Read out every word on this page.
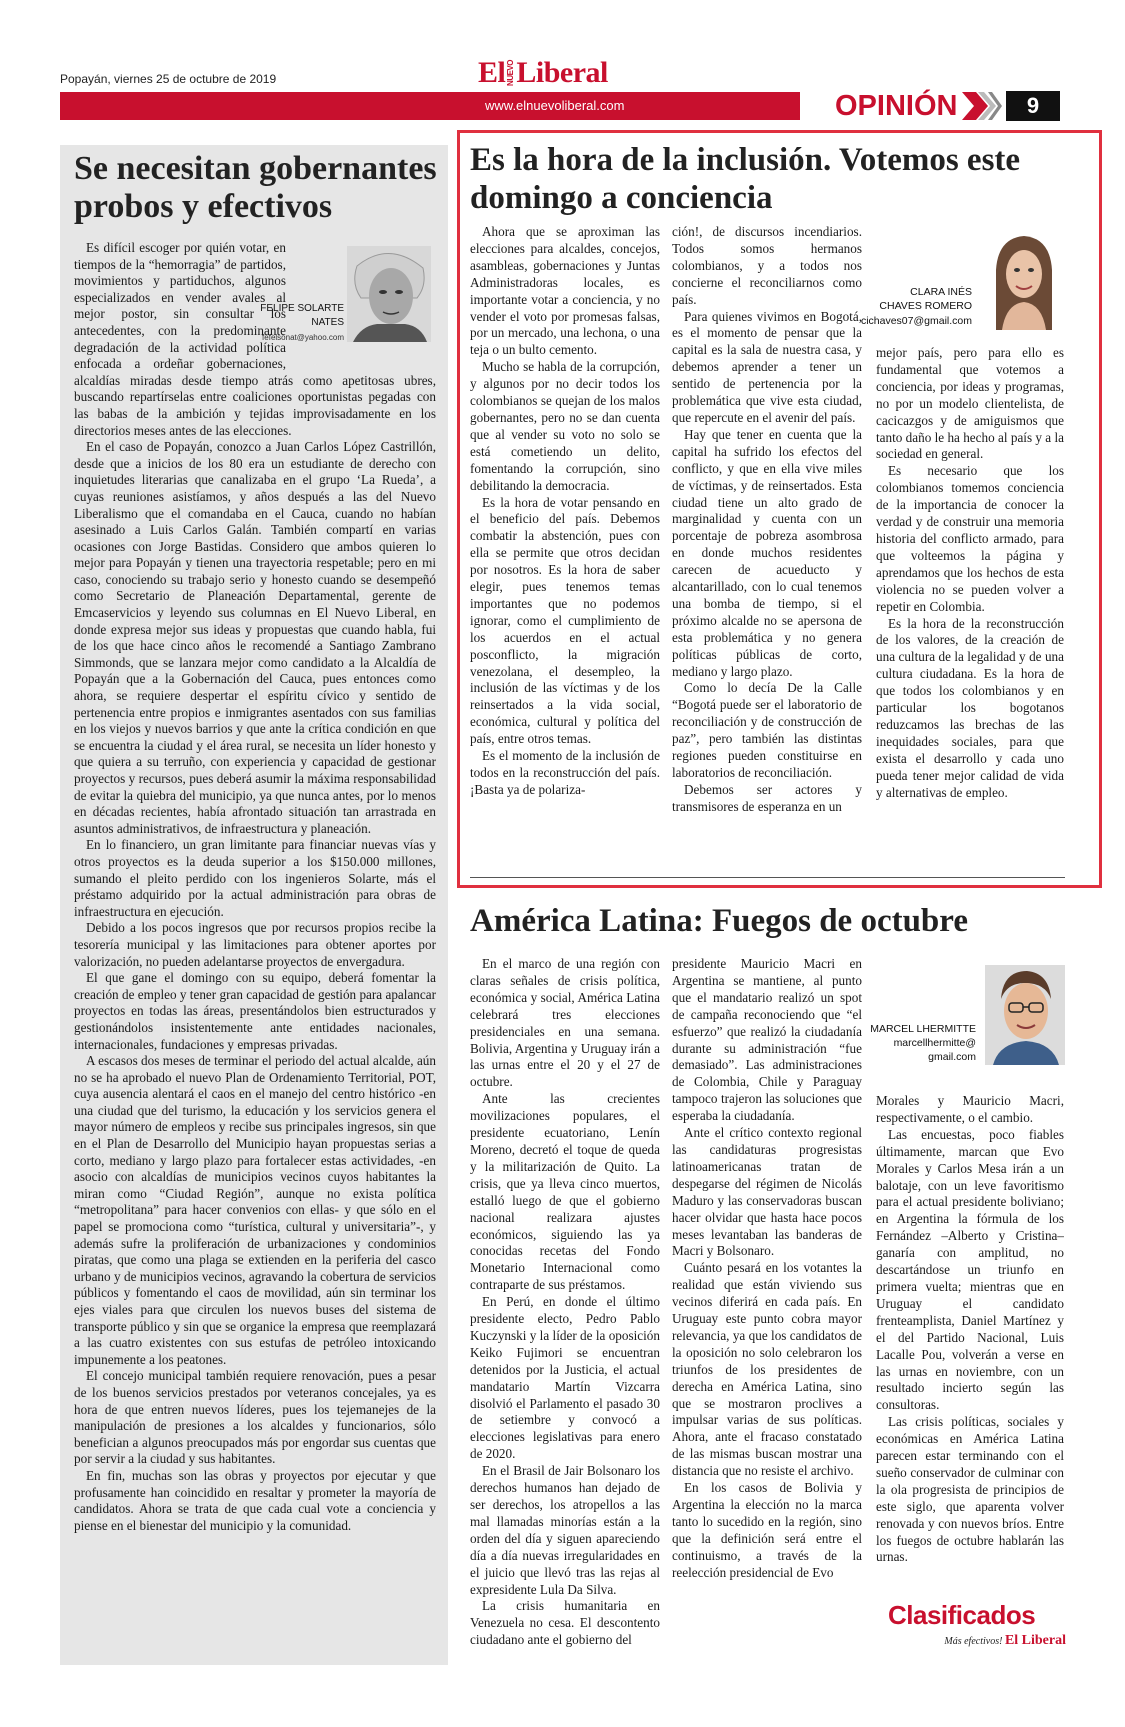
Popayán, viernes 25 de octubre de 2019	ElNUEVOLiberal
www.elnuevoliberal.com	OPINIÓN	9
Se necesitan gobernantes probos y efectivos

Es difícil escoger por quién votar, en tiempos de la “hemorragia” de partidos, movimientos y partiduchos, algunos especializados en vender avales al mejor postor, sin consultar los antecedentes, con la predominante degradación de la actividad política enfocada a ordeñar gobernaciones, alcaldías miradas desde tiempo atrás como apetitosas ubres, buscando repartírselas entre coaliciones oportunistas pegadas con las babas de la ambición y tejidas improvisadamente en los directorios meses antes de las elecciones.

En el caso de Popayán, conozco a Juan Carlos López Castrillón, desde que a inicios de los 80 era un estudiante de derecho con inquietudes literarias que canalizaba en el grupo ‘La Rueda’, a cuyas reuniones asistíamos, y años después a las del Nuevo Liberalismo que el comandaba en el Cauca, cuando no habían asesinado a Luis Carlos Galán. También compartí en varias ocasiones con Jorge Bastidas. Considero que ambos quieren lo mejor para Popayán y tienen una trayectoria respetable; pero en mi caso, conociendo su trabajo serio y honesto cuando se desempeñó como Secretario de Planeación Departamental, gerente de Emcaservicios y leyendo sus columnas en El Nuevo Liberal, en donde expresa mejor sus ideas y propuestas que cuando habla, fui de los que hace cinco años le recomendé a Santiago Zambrano Simmonds, que se lanzara mejor como candidato a la Alcaldía de Popayán que a la Gobernación del Cauca, pues entonces como ahora, se requiere despertar el espíritu cívico y sentido de pertenencia entre propios e inmigrantes asentados con sus familias en los viejos y nuevos barrios y que ante la crítica condición en que se encuentra la ciudad y el área rural, se necesita un líder honesto y que quiera a su terruño, con experiencia y capacidad de gestionar proyectos y recursos, pues deberá asumir la máxima responsabilidad de evitar la quiebra del municipio, ya que nunca antes, por lo menos en décadas recientes, había afrontado situación tan arrastrada en asuntos administrativos, de infraestructura y planeación.

En lo financiero, un gran limitante para financiar nuevas vías y otros proyectos es la deuda superior a los $150.000 millones, sumando el pleito perdido con los ingenieros Solarte, más el préstamo adquirido por la actual administración para obras de infraestructura en ejecución.

Debido a los pocos ingresos que por recursos propios recibe la tesorería municipal y las limitaciones para obtener aportes por valorización, no pueden adelantarse proyectos de envergadura.

El que gane el domingo con su equipo, deberá fomentar la creación de empleo y tener gran capacidad de gestión para apalancar proyectos en todas las áreas, presentándolos bien estructurados y gestionándolos insistentemente ante entidades nacionales, internacionales, fundaciones y empresas privadas.

A escasos dos meses de terminar el periodo del actual alcalde, aún no se ha aprobado el nuevo Plan de Ordenamiento Territorial, POT, cuya ausencia alentará el caos en el manejo del centro histórico -en una ciudad que del turismo, la educación y los servicios genera el mayor número de empleos y recibe sus principales ingresos, sin que en el Plan de Desarrollo del Municipio hayan propuestas serias a corto, mediano y largo plazo para fortalecer estas actividades, -en asocio con alcaldías de municipios vecinos cuyos habitantes la miran como “Ciudad Región”, aunque no exista política “metropolitana” para hacer convenios con ellas- y que sólo en el papel se promociona como “turística, cultural y universitaria”-, y además sufre la proliferación de urbanizaciones y condominios piratas, que como una plaga se extienden en la periferia del casco urbano y de municipios vecinos, agravando la cobertura de servicios públicos y fomentando el caos de movilidad, aún sin terminar los ejes viales para que circulen los nuevos buses del sistema de transporte público y sin que se organice la empresa que reemplazará a las cuatro existentes con sus estufas de petróleo intoxicando impunemente a los peatones.

El concejo municipal también requiere renovación, pues a pesar de los buenos servicios prestados por veteranos concejales, ya es hora de que entren nuevos líderes, pues los tejemanejes de la manipulación de presiones a los alcaldes y funcionarios, sólo benefician a algunos preocupados más por engordar sus cuentas que por servir a la ciudad y sus habitantes.

En fin, muchas son las obras y proyectos por ejecutar y que profusamente han coincidido en resaltar y prometer la mayoría de candidatos. Ahora se trata de que cada cual vote a conciencia y piense en el bienestar del municipio y la comunidad.

FELIPE SOLARTE NATES
fefelsonat@yahoo.com
Es la hora de la inclusión. Votemos este domingo a conciencia

Ahora que se aproximan las elecciones para alcaldes, concejos, asambleas, gobernaciones y Juntas Administradoras locales, es importante votar a conciencia, y no vender el voto por promesas falsas, por un mercado, una lechona, o una teja o un bulto cemento.

Mucho se habla de la corrupción, y algunos por no decir todos los colombianos se quejan de los malos gobernantes, pero no se dan cuenta que al vender su voto no solo se está cometiendo un delito, fomentando la corrupción, sino debilitando la democracia.

Es la hora de votar pensando en el beneficio del país. Debemos combatir la abstención, pues con ella se permite que otros decidan por nosotros. Es la hora de saber elegir, pues tenemos temas importantes que no podemos ignorar, como el cumplimiento de los acuerdos en el actual posconflicto, la migración venezolana, el desempleo, la inclusión de las víctimas y de los reinsertados a la vida social, económica, cultural y política del país, entre otros temas.

Es el momento de la inclusión de todos en la reconstrucción del país. ¡Basta ya de polariza-

ción!, de discursos incendiarios. Todos somos hermanos colombianos, y a todos nos concierne el reconciliarnos como país.

Para quienes vivimos en Bogotá, es el momento de pensar que la capital es la sala de nuestra casa, y debemos aprender a tener un sentido de pertenencia por la problemática que vive esta ciudad, que repercute en el avenir del país.

Hay que tener en cuenta que la capital ha sufrido los efectos del conflicto, y que en ella vive miles de víctimas, y de reinsertados. Esta ciudad tiene un alto grado de marginalidad y cuenta con un porcentaje de pobreza asombrosa en donde muchos residentes carecen de acueducto y alcantarillado, con lo cual tenemos una bomba de tiempo, si el próximo alcalde no se apersona de esta problemática y no genera políticas públicas de corto, mediano y largo plazo.

Como lo decía De la Calle “Bogotá puede ser el laboratorio de reconciliación y de construcción de paz”, pero también las distintas regiones pueden constituirse en laboratorios de reconciliación.

Debemos ser actores y transmisores de esperanza en un

mejor país, pero para ello es fundamental que votemos a conciencia, por ideas y programas, no por un modelo clientelista, de cacicazgos y de amiguismos que tanto daño le ha hecho al país y a la sociedad en general.

Es necesario que los colombianos tomemos conciencia de la importancia de conocer la verdad y de construir una memoria historia del conflicto armado, para que volteemos la página y aprendamos que los hechos de esta violencia no se pueden volver a repetir en Colombia.

Es la hora de la reconstrucción de los valores, de la creación de una cultura de la legalidad y de una cultura ciudadana. Es la hora de que todos los colombianos y en particular los bogotanos reduzcamos las brechas de las inequidades sociales, para que exista el desarrollo y cada uno pueda tener mejor calidad de vida y alternativas de empleo.

CLARA INÉS CHAVES ROMERO
cichaves07@gmail.com
América Latina: Fuegos de octubre

En el marco de una región con claras señales de crisis política, económica y social, América Latina celebrará tres elecciones presidenciales en una semana. Bolivia, Argentina y Uruguay irán a las urnas entre el 20 y el 27 de octubre.

Ante las crecientes movilizaciones populares, el presidente ecuatoriano, Lenín Moreno, decretó el toque de queda y la militarización de Quito. La crisis, que ya lleva cinco muertos, estalló luego de que el gobierno nacional realizara ajustes económicos, siguiendo las ya conocidas recetas del Fondo Monetario Internacional como contraparte de sus préstamos.

En Perú, en donde el último presidente electo, Pedro Pablo Kuczynski y la líder de la oposición Keiko Fujimori se encuentran detenidos por la Justicia, el actual mandatario Martín Vizcarra disolvió el Parlamento el pasado 30 de setiembre y convocó a elecciones legislativas para enero de 2020.

En el Brasil de Jair Bolsonaro los derechos humanos han dejado de ser derechos, los atropellos a las mal llamadas minorías están a la orden del día y siguen apareciendo día a día nuevas irregularidades en el juicio que llevó tras las rejas al expresidente Lula Da Silva.

La crisis humanitaria en Venezuela no cesa. El descontento ciudadano ante el gobierno del

presidente Mauricio Macri en Argentina se mantiene, al punto que el mandatario realizó un spot de campaña reconociendo que “el esfuerzo” que realizó la ciudadanía durante su administración “fue demasiado”. Las administraciones de Colombia, Chile y Paraguay tampoco trajeron las soluciones que esperaba la ciudadanía.

Ante el crítico contexto regional las candidaturas progresistas latinoamericanas tratan de despegarse del régimen de Nicolás Maduro y las conservadoras buscan hacer olvidar que hasta hace pocos meses levantaban las banderas de Macri y Bolsonaro.

Cuánto pesará en los votantes la realidad que están viviendo sus vecinos diferirá en cada país. En Uruguay este punto cobra mayor relevancia, ya que los candidatos de la oposición no solo celebraron los triunfos de los presidentes de derecha en América Latina, sino que se mostraron proclives a impulsar varias de sus políticas. Ahora, ante el fracaso constatado de las mismas buscan mostrar una distancia que no resiste el archivo.

En los casos de Bolivia y Argentina la elección no la marca tanto lo sucedido en la región, sino que la definición será entre el continuismo, a través de la reelección presidencial de Evo

Morales y Mauricio Macri, respectivamente, o el cambio.

Las encuestas, poco fiables últimamente, marcan que Evo Morales y Carlos Mesa irán a un balotaje, con un leve favoritismo para el actual presidente boliviano; en Argentina la fórmula de los Fernández –Alberto y Cristina– ganaría con amplitud, no descartándose un triunfo en primera vuelta; mientras que en Uruguay el candidato frenteamplista, Daniel Martínez y el del Partido Nacional, Luis Lacalle Pou, volverán a verse en las urnas en noviembre, con un resultado incierto según las consultoras.

Las crisis políticas, sociales y económicas en América Latina parecen estar terminando con el sueño conservador de culminar con la ola progresista de principios de este siglo, que aparenta volver renovada y con nuevos bríos. Entre los fuegos de octubre hablarán las urnas.

MARCEL LHERMITTE
marcellhermitte@
gmail.com
Clasificados
Más efectivos! El Liberal
